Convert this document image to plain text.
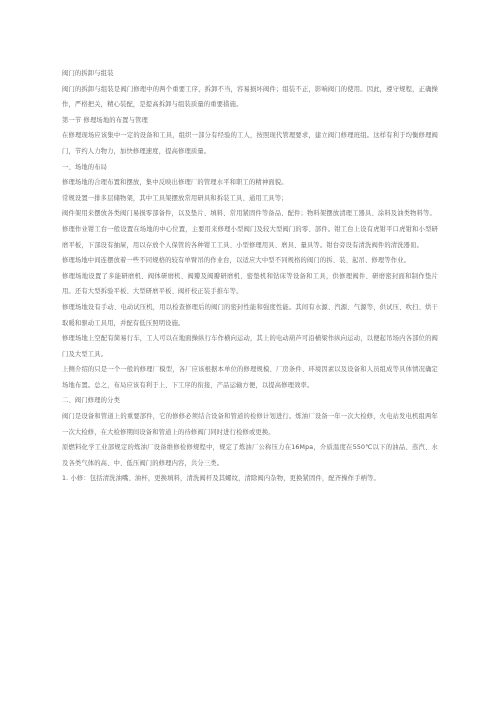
阀门的拆卸与组装

阀门的拆卸与组装是阀门修理中的两个重要工序，拆卸不当，容易损坏阀件；组装不正，影响阀门的使用。因此，遵守规程，正确操作，严格把关，精心装配，是提高拆卸与组装质量的重要措施。

第一节 修理场地的布置与管理

在修理现场应该集中一定的设备和工具，组织一部分有经验的工人，按照现代管理要求，建立阀门修理班组。这样有利于均衡修理阀门，节约人力物力，加快修理速度，提高修理质量。

一、场地的布局

修理场地的合理布置和摆放，集中反映出修理厂的管理水平和职工的精神面貌。

常规设置一排多层储物架，其中工具架摆放常用研具和拆装工具、通用工具等；

阀件架用来摆放各类阀门易损零部备件，以及垫片、填料、常用紧固件等备品、配件；物料架摆放清理工器具、涂料及油类物料等。

修理作业钳工台一般设置在场地的中心位置，主要用来修理小型阀门及较大型阀门的零、部件。钳工台上设有虎钳平口虎钳和小型研磨平板，下部设有抽屉，用以存放个人保管的各种钳工工具、小型修理用具、磨具、量具等。钳台旁设有清洗阀件的清洗器皿。

修理场地中间连摆放着一些不同规格的较有单臂吊的作业台，以适应大中型不同规格的阀门的拆、装、起吊、修理等作业。

修理场地设置了多能研磨机、阀体研磨机、阀瓣及阀瓣研磨机、密垫机和钻床等设备和工具，供修理阀件、研磨密封面和制作垫片用。还有大型拆验平板、大型研磨平板、阀杆校正装手推车等。

修理场地设有手动、电动试压机，用以检查修理后的阀门的密封性能和强度性能。其间有水源、汽源、气源等，供试压、吹扫、烘干取暖和驱动工具用，并配有低压照明设施。

修理场地上空配有简易行车，工人可以在地面操纵行车作横向运动，其上的电动葫芦可沿横梁作纵向运动，以便起吊场内各部位的阀门及大型工具。

上侧介绍的只是一个一般的修理厂模型，各厂应该根据本单位的修理规模、厂房条件、环境因素以及设备和人员组成等具体情况确定场地布置。总之，布局应该有利于上、下工序的衔接，产品运输方便，以提高修理效率。

二、阀门修理的分类

阀门是设备和管道上的重要部件，它的修修必须结合设备和管道的检修计划进行。炼油厂设备一年一次大检修，火电站发电机组两年一次大检修，在大检修期间设备和管道上的待修阀门同时进行检修或更换。

原燃料化学工业部规定的炼油厂设备维修检修规程中，规定了炼油厂公称压力在16Mpa，介质温度在550℃以下的油品、蒸汽、水及各类气体的高、中、低压阀门的修理内容，共分三类。

1. 小修：包括清洗油嘴、油杯，更换填料，清洗阀杆及其螺纹，清除阀内杂物，更换紧固件，配齐操作手柄等。
